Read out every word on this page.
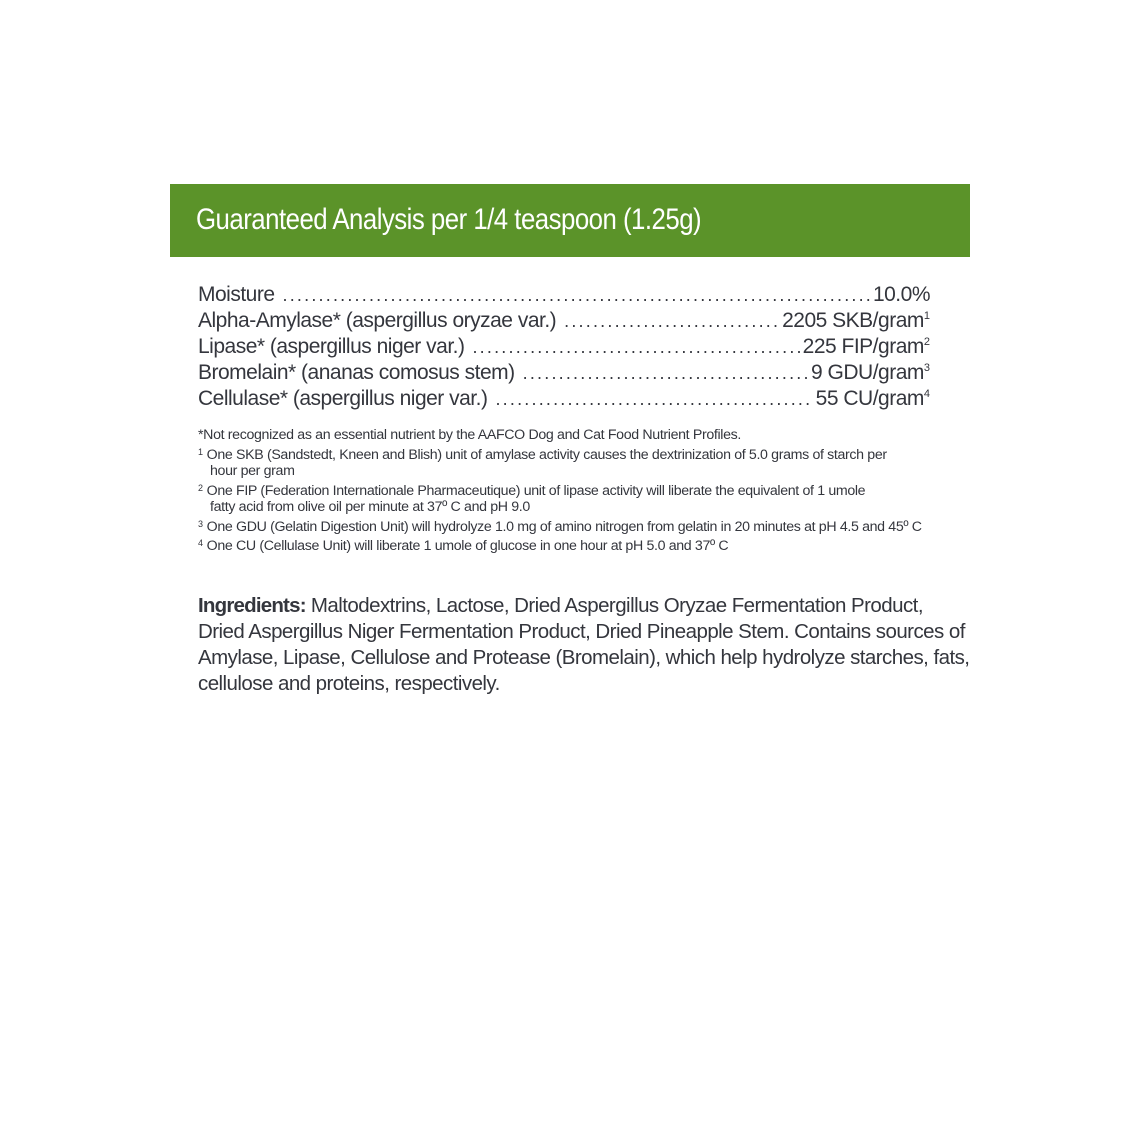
Guaranteed Analysis per 1/4 teaspoon (1.25g)
Moisture .....	10.0%
Alpha-Amylase* (aspergillus oryzae var.) .....	2205 SKB/gram$^1$
Lipase* (aspergillus niger var.) .....	225 FIP/gram$^2$
Bromelain* (ananas comosus stem) .....	9 GDU/gram$^3$
Cellulase* (aspergillus niger var.) .....	55 CU/gram$^4$
*Not recognized as an essential nutrient by the AAFCO Dog and Cat Food Nutrient Profiles.
$^1$ One SKB (Sandstedt, Kneen and Blish) unit of amylase activity causes the dextrinization of 5.0 grams of starch per
hour per gram
$^2$ One FIP (Federation Internationale Pharmaceutique) unit of lipase activity will liberate the equivalent of 1 umole
fatty acid from olive oil per minute at 37º C and pH 9.0
$^3$ One GDU (Gelatin Digestion Unit) will hydrolyze 1.0 mg of amino nitrogen from gelatin in 20 minutes at pH 4.5 and 45º C
$^4$ One CU (Cellulase Unit) will liberate 1 umole of glucose in one hour at pH 5.0 and 37º C
Ingredients: Maltodextrins, Lactose, Dried Aspergillus Oryzae Fermentation Product,
Dried Aspergillus Niger Fermentation Product, Dried Pineapple Stem. Contains sources of
Amylase, Lipase, Cellulose and Protease (Bromelain), which help hydrolyze starches, fats,
cellulose and proteins, respectively.
